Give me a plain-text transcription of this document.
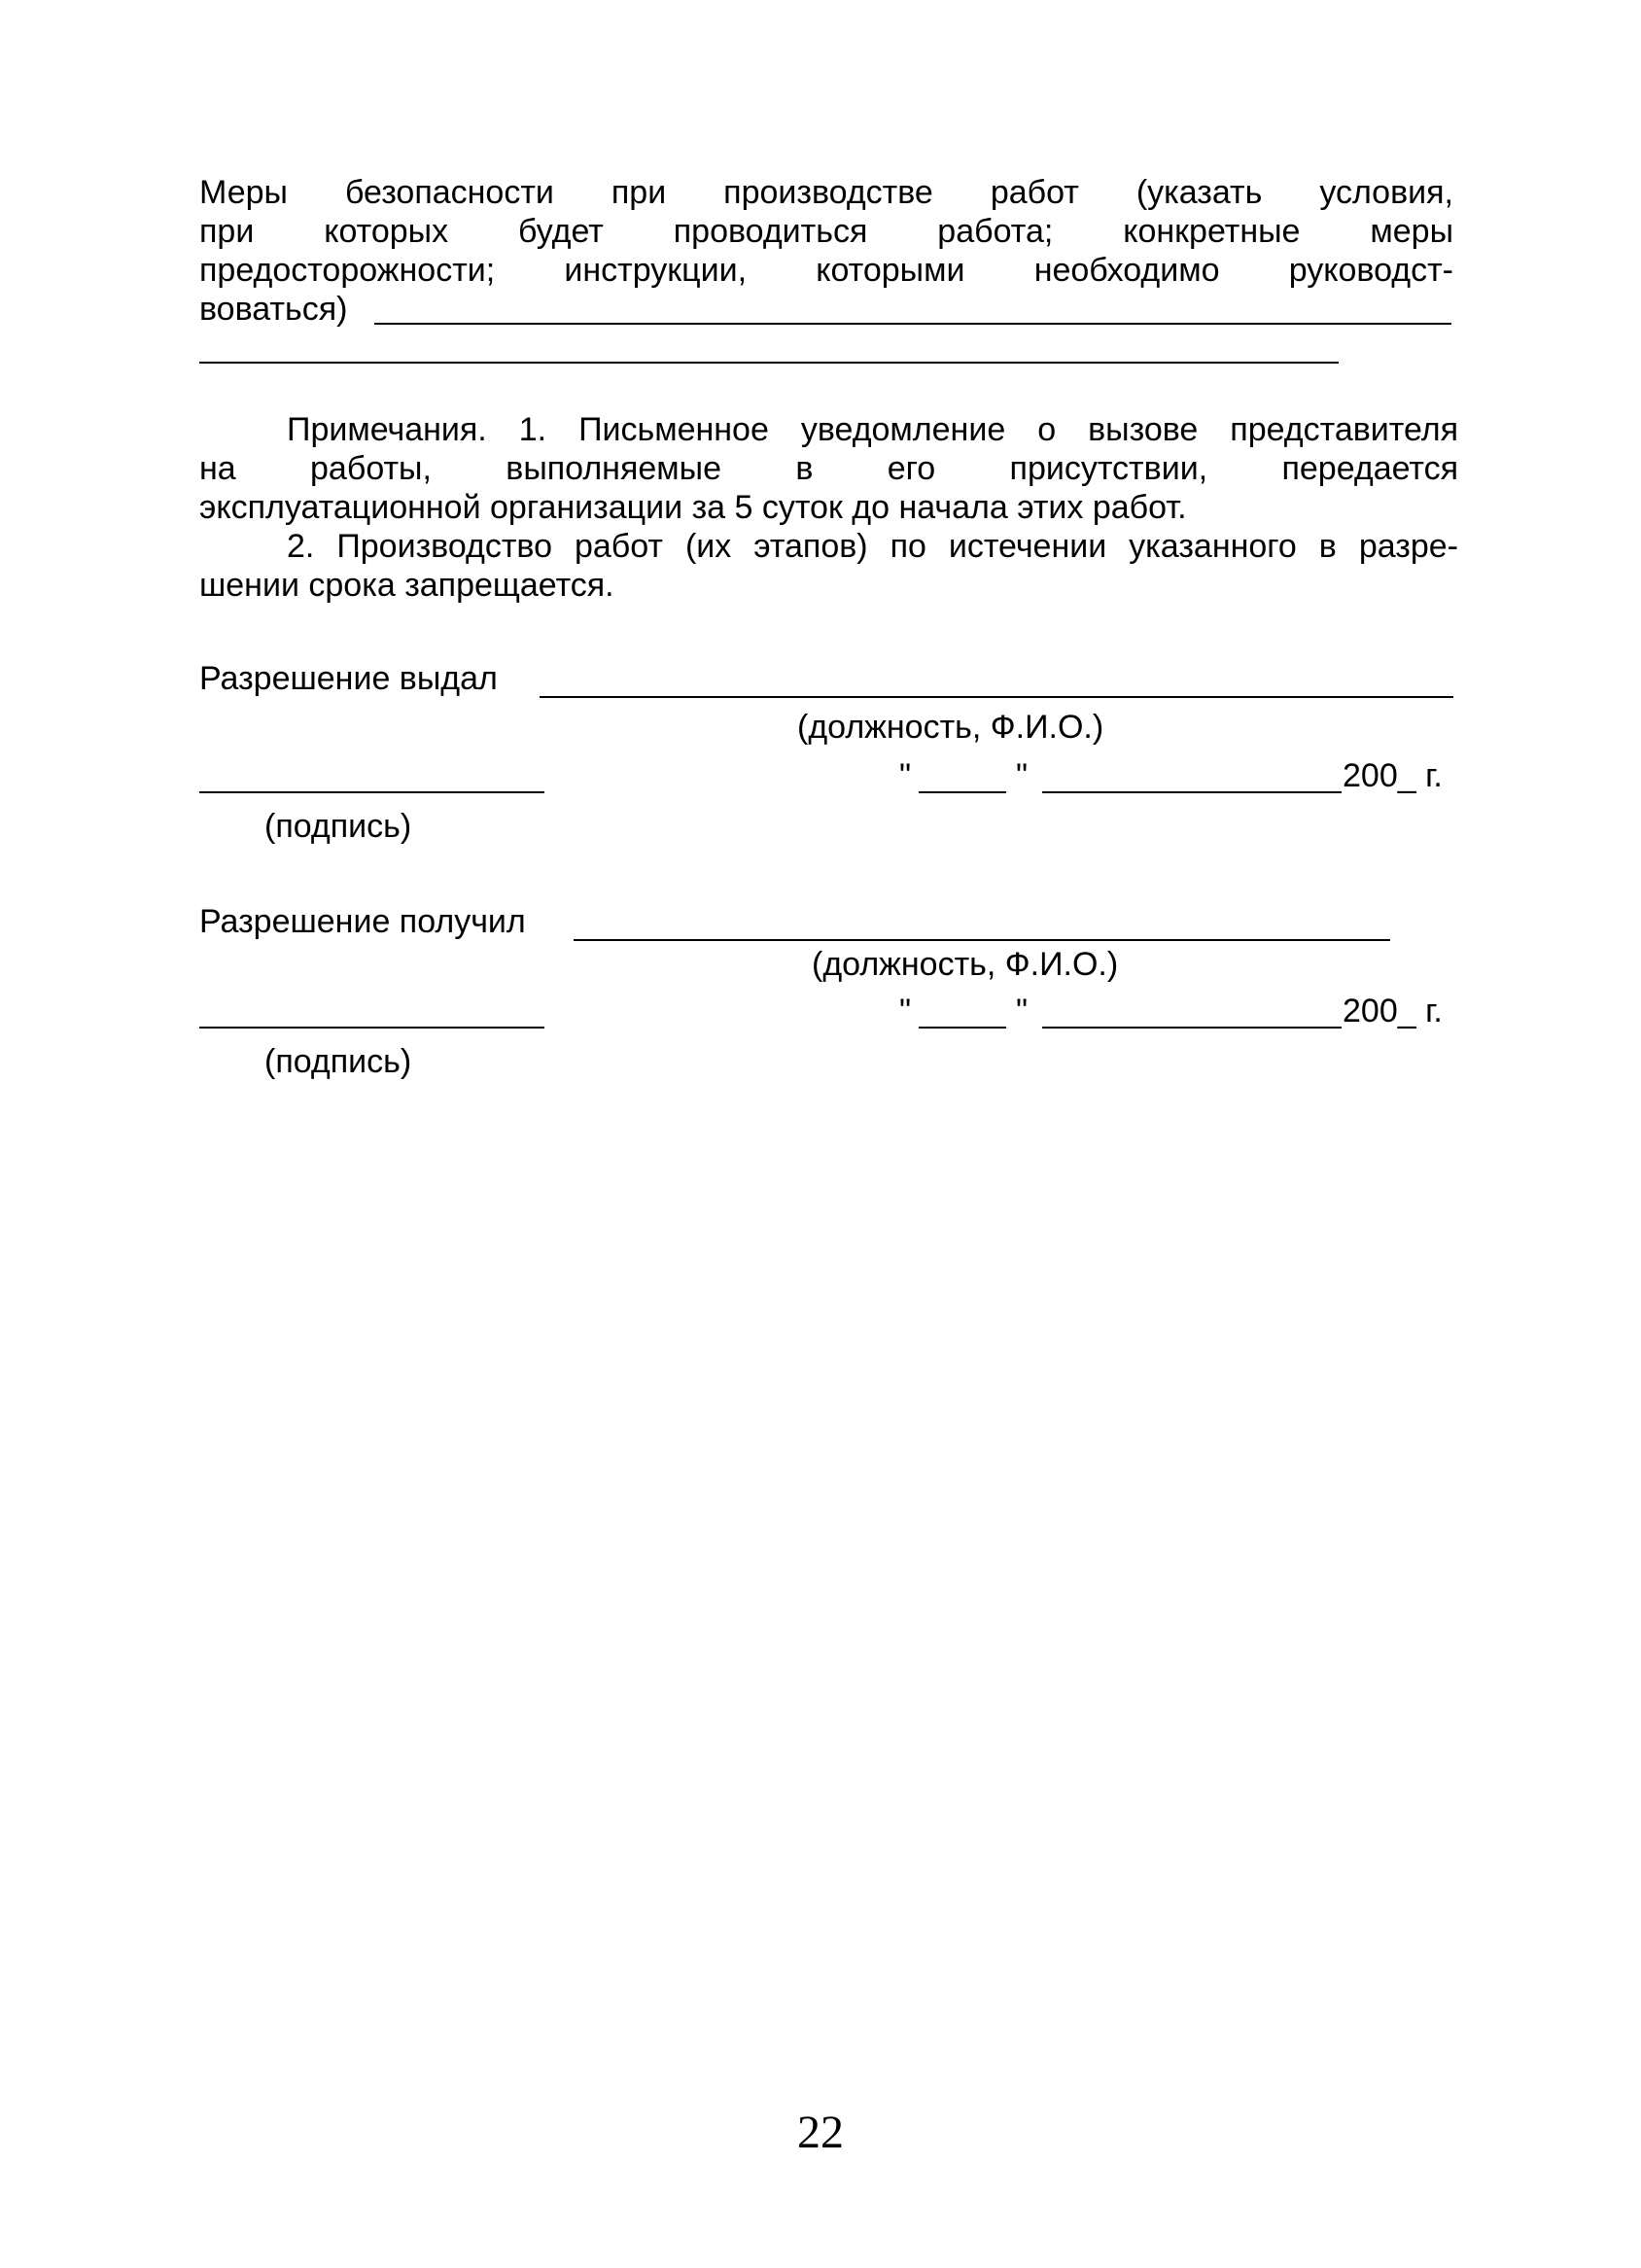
Меры безопасности при производстве работ (указать условия,
при которых будет проводиться работа; конкретные меры
предосторожности; инструкции, которыми необходимо руководст-
воваться)
Примечания. 1. Письменное уведомление о вызове представителя
на работы, выполняемые в его присутствии, передается
эксплуатационной организации за 5 суток до начала этих работ.
2. Производство работ (их этапов) по истечении указанного в разре-
шении срока запрещается.
Разрешение выдал
(должность, Ф.И.О.)
"	"	200_ г.
(подпись)
Разрешение получил
(должность, Ф.И.О.)
"	"	200_ г.
(подпись)
22
